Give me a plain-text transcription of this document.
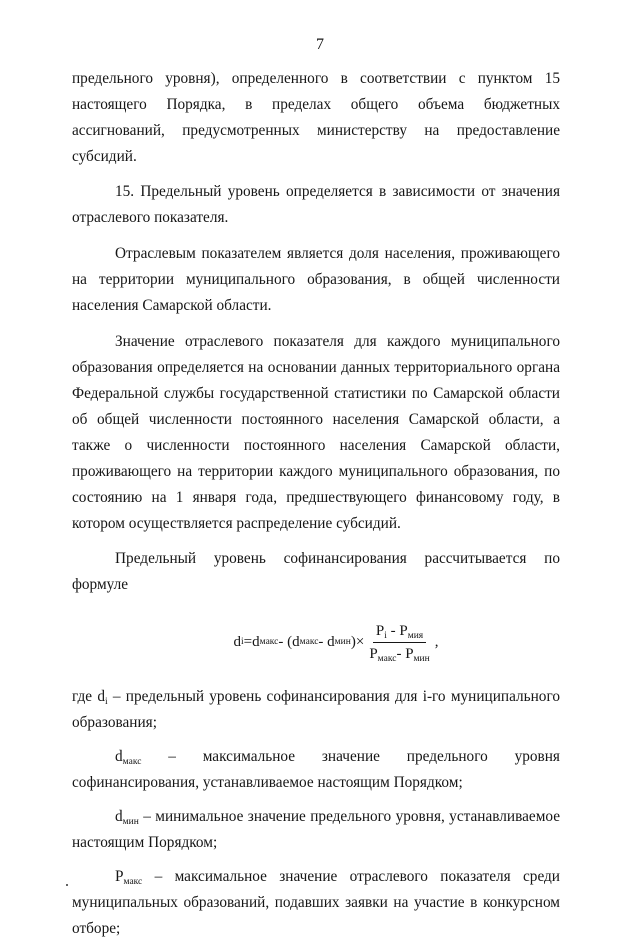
7

предельного уровня), определенного в соответствии с пунктом 15 настоящего Порядка, в пределах общего объема бюджетных ассигнований, предусмотренных министерству на предоставление субсидий.

15. Предельный уровень определяется в зависимости от значения отраслевого показателя.

Отраслевым показателем является доля населения, проживающего на территории муниципального образования, в общей численности населения Самарской области.

Значение отраслевого показателя для каждого муниципального образования определяется на основании данных территориального органа Федеральной службы государственной статистики по Самарской области об общей численности постоянного населения Самарской области, а также о численности постоянного населения Самарской области, проживающего на территории каждого муниципального образования, по состоянию на 1 января года, предшествующего финансовому году, в котором осуществляется распределение субсидий.

Предельный уровень софинансирования рассчитывается по формуле

d i = d макс -
( d макс -
d мин ) × $\frac{P_i - P_{мия}}{P_{макс}- P_{мин}}$ ,

где $d_i$ – предельный уровень софинансирования для i-го муниципального образования;

$d_{макс}$ – максимальное значение предельного уровня
софинансирования, устанавливаемое настоящим Порядком;

$d_{мин}$ – минимальное значение предельного уровня, устанавливаемое настоящим Порядком;

$P_{макс}$ – максимальное значение отраслевого показателя среди муниципальных образований, подавших заявки на участие в конкурсном отборе;
